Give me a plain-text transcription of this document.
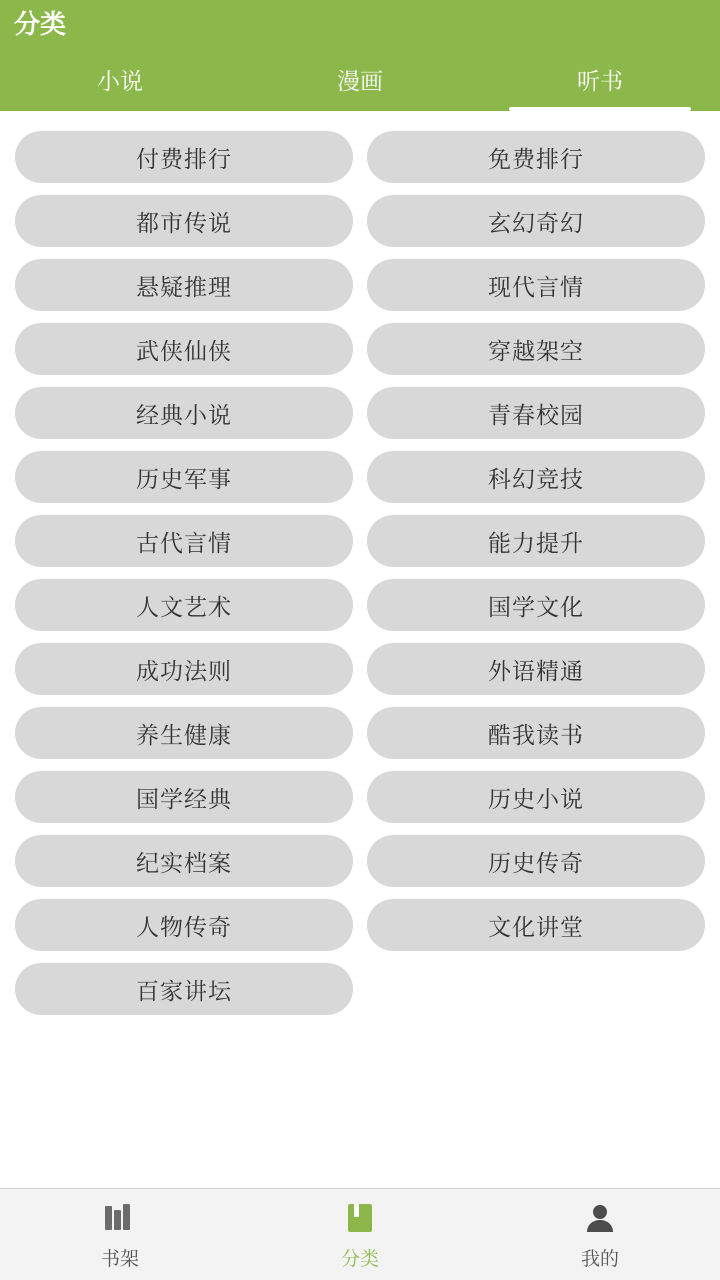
分类
小说	漫画	听书
付费排行	免费排行
都市传说	玄幻奇幻
悬疑推理	现代言情
武侠仙侠	穿越架空
经典小说	青春校园
历史军事	科幻竞技
古代言情	能力提升
人文艺术	国学文化
成功法则	外语精通
养生健康	酷我读书
国学经典	历史小说
纪实档案	历史传奇
人物传奇	文化讲堂
百家讲坛
书架	分类	我的
